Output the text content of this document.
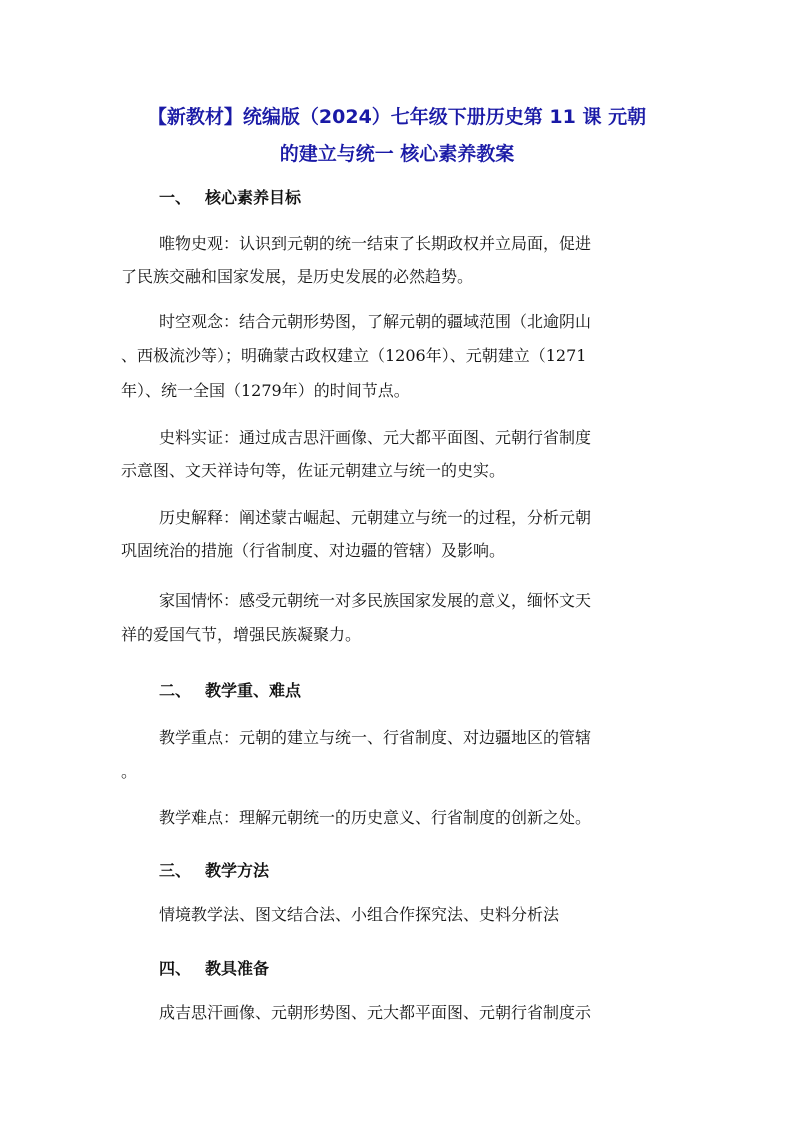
【新教材】统编版（2024）七年级下册历史第 11 课 元朝
的建立与统一 核心素养教案
一、 核心素养目标

唯物史观：认识到元朝的统一结束了长期政权并立局面，促进

了民族交融和国家发展，是历史发展的必然趋势。

时空观念：结合元朝形势图，了解元朝的疆域范围（北逾阴山

、西极流沙等）；明确蒙古政权建立（1206年）、元朝建立（1271

年）、统一全国（1279年）的时间节点。

史料实证：通过成吉思汗画像、元大都平面图、元朝行省制度

示意图、文天祥诗句等，佐证元朝建立与统一的史实。

历史解释：阐述蒙古崛起、元朝建立与统一的过程，分析元朝

巩固统治的措施（行省制度、对边疆的管辖）及影响。

家国情怀：感受元朝统一对多民族国家发展的意义，缅怀文天

祥的爱国气节，增强民族凝聚力。

二、 教学重、难点

教学重点：元朝的建立与统一、行省制度、对边疆地区的管辖

。

教学难点：理解元朝统一的历史意义、行省制度的创新之处。

三、 教学方法

情境教学法、图文结合法、小组合作探究法、史料分析法

四、 教具准备

成吉思汗画像、元朝形势图、元大都平面图、元朝行省制度示
